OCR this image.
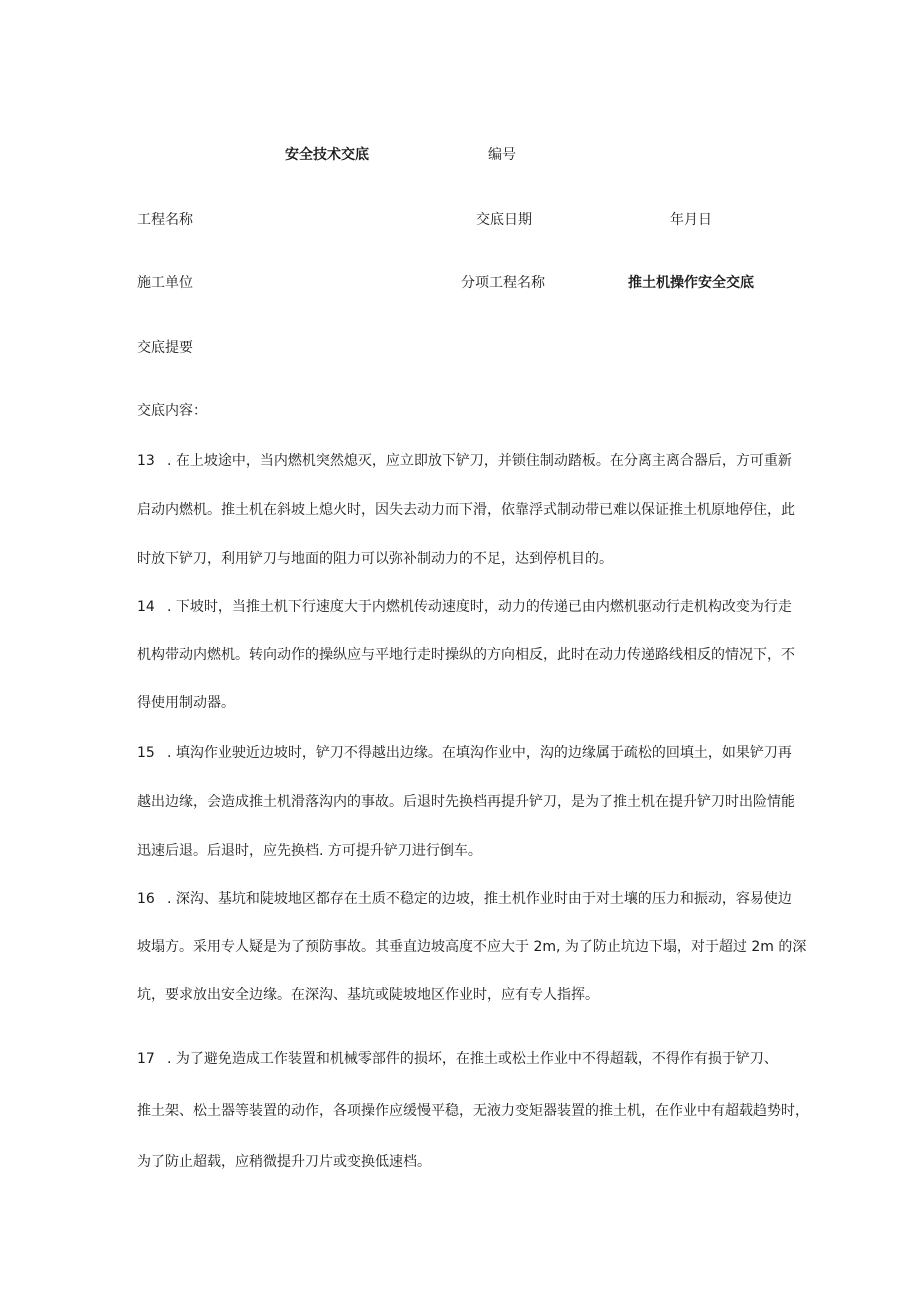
安全技术交底	编号
工程名称	交底日期	年月日
施工单位	分项工程名称	推土机操作安全交底
交底提要
交底内容：
13 . 在上坡途中，当内燃机突然熄灭，应立即放下铲刀，并锁住制动踏板。在分离主离合器后，方可重新
启动内燃机。推土机在斜坡上熄火时，因失去动力而下滑，依靠浮式制动带已难以保证推土机原地停住，此
时放下铲刀，利用铲刀与地面的阻力可以弥补制动力的不足，达到停机目的。
14 . 下坡时，当推土机下行速度大于内燃机传动速度时，动力的传递已由内燃机驱动行走机构改变为行走
机构带动内燃机。转向动作的操纵应与平地行走时操纵的方向相反，此时在动力传递路线相反的情况下，不
得使用制动器。
15 . 填沟作业驶近边坡时，铲刀不得越出边缘。在填沟作业中，沟的边缘属于疏松的回填土，如果铲刀再
越出边缘，会造成推土机滑落沟内的事故。后退时先换档再提升铲刀，是为了推土机在提升铲刀时出险情能
迅速后退。后退时，应先换档. 方可提升铲刀进行倒车。
16 . 深沟、基坑和陡坡地区都存在土质不稳定的边坡，推土机作业时由于对土壤的压力和振动，容易使边
坡塌方。采用专人疑是为了预防事故。其垂直边坡高度不应大于 2m, 为了防止坑边下塌，对于超过 2m 的深
坑，要求放出安全边缘。在深沟、基坑或陡坡地区作业时，应有专人指挥。
17 . 为了避免造成工作装置和机械零部件的损坏，在推土或松土作业中不得超载，不得作有损于铲刀、
推土架、松土器等装置的动作，各项操作应缓慢平稳，无液力变矩器装置的推土机，在作业中有超载趋势时，
为了防止超载，应稍微提升刀片或变换低速档。
